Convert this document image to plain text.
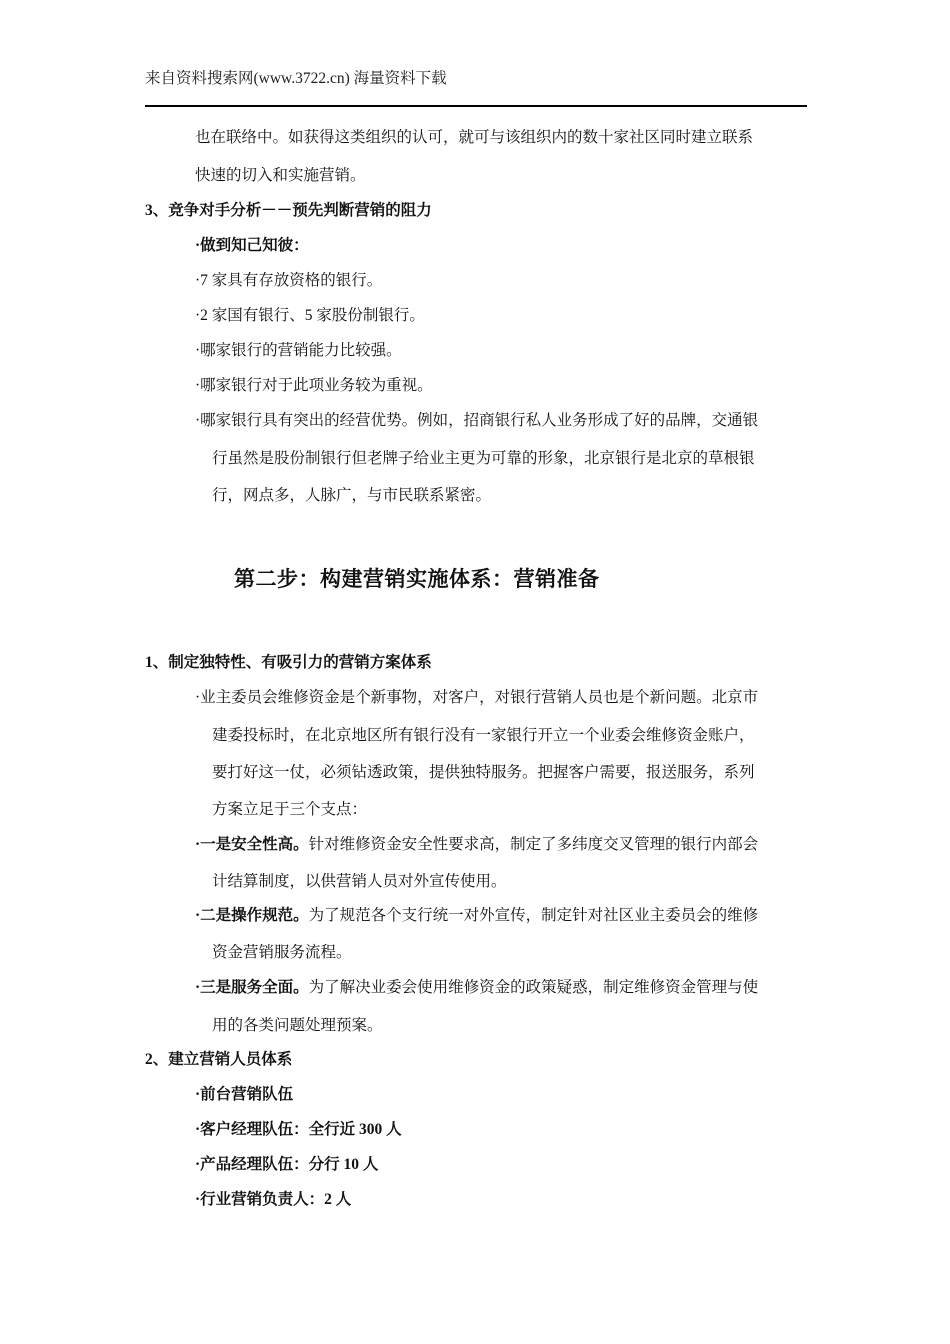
来自资料搜索网(www.3722.cn) 海量资料下载
也在联络中。如获得这类组织的认可，就可与该组织内的数十家社区同时建立联系
快速的切入和实施营销。
3、竞争对手分析－－预先判断营销的阻力
·做到知己知彼：
·7 家具有存放资格的银行。
·2 家国有银行、5 家股份制银行。
·哪家银行的营销能力比较强。
·哪家银行对于此项业务较为重视。
·哪家银行具有突出的经营优势。例如，招商银行私人业务形成了好的品牌，交通银
行虽然是股份制银行但老牌子给业主更为可靠的形象，北京银行是北京的草根银
行，网点多，人脉广，与市民联系紧密。
第二步：构建营销实施体系：营销准备
1、制定独特性、有吸引力的营销方案体系
·业主委员会维修资金是个新事物，对客户，对银行营销人员也是个新问题。北京市
建委投标时，在北京地区所有银行没有一家银行开立一个业委会维修资金账户，
要打好这一仗，必须钻透政策，提供独特服务。把握客户需要，报送服务，系列
方案立足于三个支点：
·一是安全性高。针对维修资金安全性要求高，制定了多纬度交叉管理的银行内部会
计结算制度，以供营销人员对外宣传使用。
·二是操作规范。为了规范各个支行统一对外宣传，制定针对社区业主委员会的维修
资金营销服务流程。
·三是服务全面。为了解决业委会使用维修资金的政策疑惑，制定维修资金管理与使
用的各类问题处理预案。
2、建立营销人员体系
·前台营销队伍
·客户经理队伍：全行近 300 人
·产品经理队伍：分行 10 人
·行业营销负责人：2 人
